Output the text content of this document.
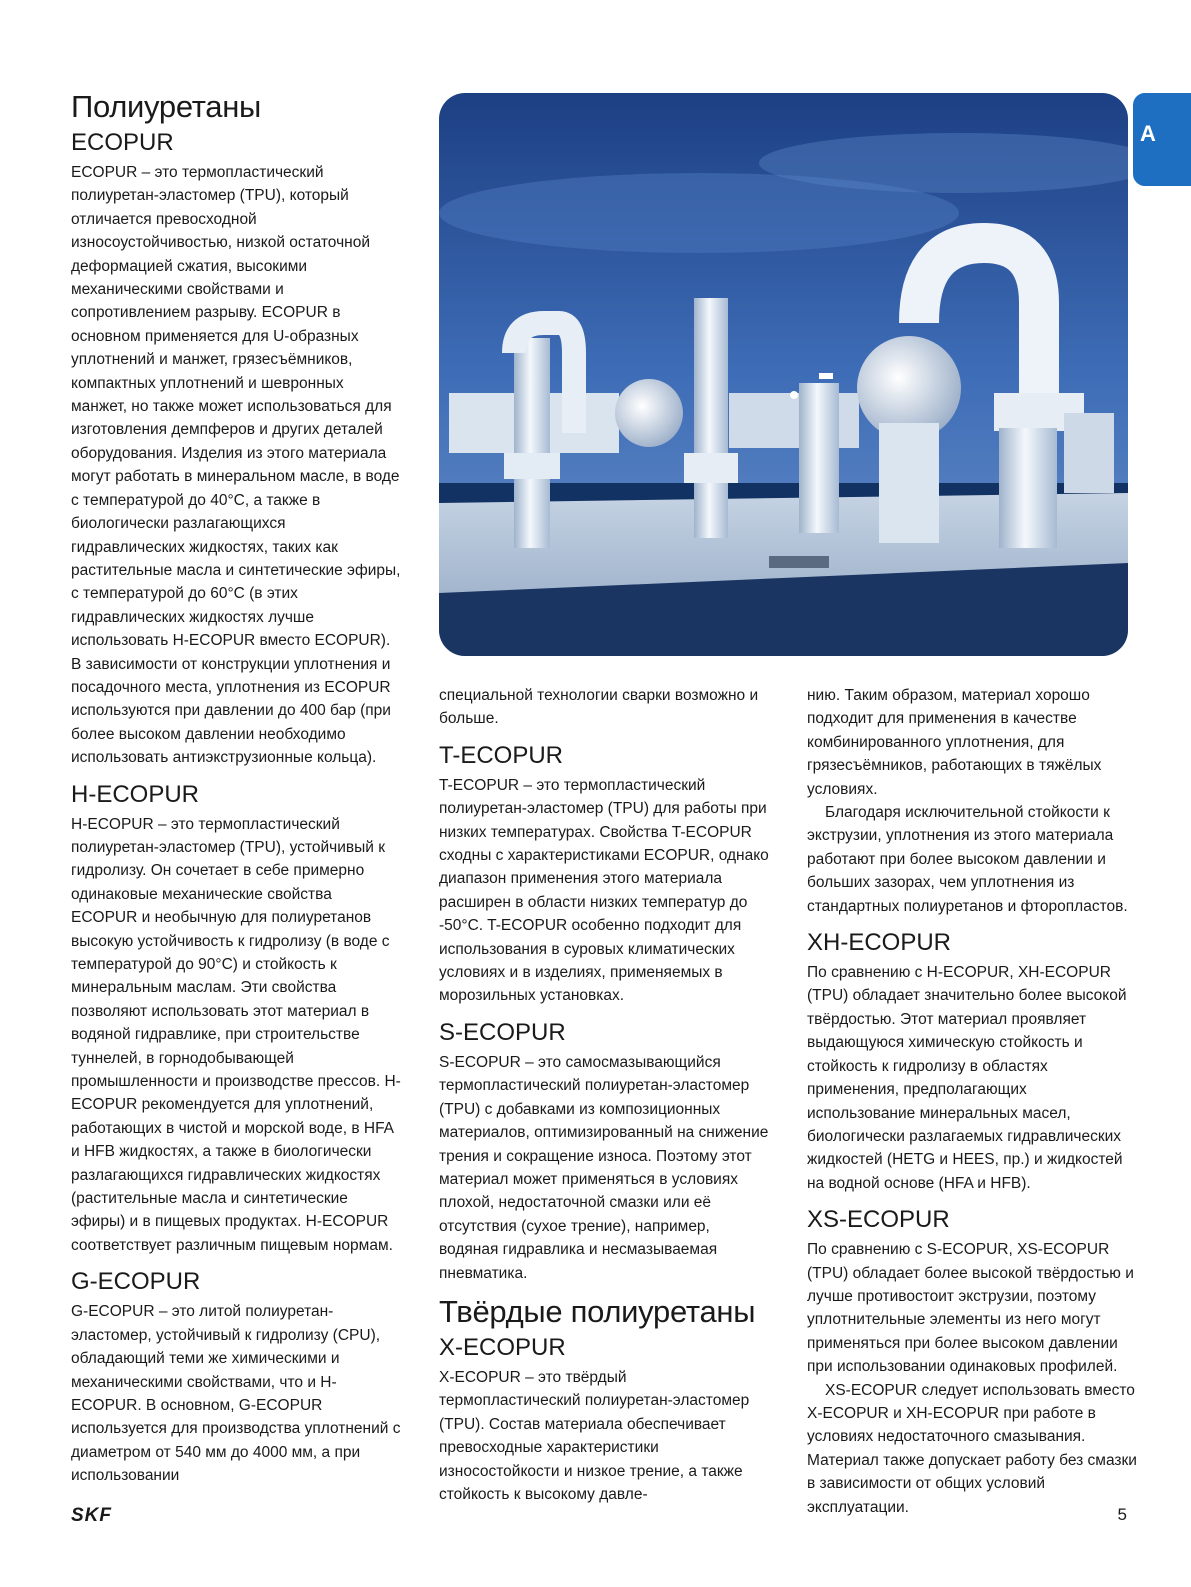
Полиуретаны
ECOPUR

ECOPUR – это термопластический полиуретан-эластомер (TPU), который отличается превосходной износоустойчивостью, низкой остаточной деформацией сжатия, высокими механическими свойствами и сопротивлением разрыву. ECOPUR в основном применяется для U-образных уплотнений и манжет, грязесъёмников, компактных уплотнений и шевронных манжет, но также может использоваться для изготовления демпферов и других деталей оборудования. Изделия из этого материала могут работать в минеральном масле, в воде с температурой до 40°C, а также в биологически разлагающихся гидравлических жидкостях, таких как растительные масла и синтетические эфиры, с температурой до 60°C (в этих гидравлических жидкостях лучше использовать H-ECOPUR вместо ECOPUR). В зависимости от конструкции уплотнения и посадочного места, уплотнения из ECOPUR используются при давлении до 400 бар (при более высоком давлении необходимо использовать антиэкструзионные кольца).

H-ECOPUR

H-ECOPUR – это термопластический полиуретан-эластомер (TPU), устойчивый к гидролизу. Он сочетает в себе примерно одинаковые механические свойства ECOPUR и необычную для полиуретанов высокую устойчивость к гидролизу (в воде с температурой до 90°C) и стойкость к минеральным маслам. Эти свойства позволяют использовать этот материал в водяной гидравлике, при строительстве туннелей, в горнодобывающей промышленности и производстве прессов. H-ECOPUR рекомендуется для уплотнений, работающих в чистой и морской воде, в HFA и HFB жидкостях, а также в биологически разлагающихся гидравлических жидкостях (растительные масла и синтетические эфиры) и в пищевых продуктах. H-ECOPUR соответствует различным пищевым нормам.

G-ECOPUR

G-ECOPUR – это литой полиуретан-эластомер, устойчивый к гидролизу (CPU), обладающий теми же химическими и механическими свойствами, что и H-ECOPUR. В основном, G-ECOPUR используется для производства уплотнений с диаметром от 540 мм до 4000 мм, а при использовании

специальной технологии сварки возможно и больше.

T-ECOPUR

T-ECOPUR – это термопластический полиуретан-эластомер (TPU) для работы при низких температурах. Свойства T-ECOPUR сходны с характеристиками ECOPUR, однако диапазон применения этого материала расширен в области низких температур до -50°C. T-ECOPUR особенно подходит для использования в суровых климатических условиях и в изделиях, применяемых в морозильных установках.

S-ECOPUR

S-ECOPUR – это самосмазывающийся термопластический полиуретан-эластомер (TPU) с добавками из композиционных материалов, оптимизированный на снижение трения и сокращение износа. Поэтому этот материал может применяться в условиях плохой, недостаточной смазки или её отсутствия (сухое трение), например, водяная гидравлика и несмазываемая пневматика.

Твёрдые полиуретаны
X-ECOPUR

X-ECOPUR – это твёрдый термопластический полиуретан-эластомер (TPU). Состав материала обеспечивает превосходные характеристики износостойкости и низкое трение, а также стойкость к высокому давле-

нию. Таким образом, материал хорошо подходит для применения в качестве комбинированного уплотнения, для грязесъёмников, работающих в тяжёлых условиях.

Благодаря исключительной стойкости к экструзии, уплотнения из этого материала работают при более высоком давлении и больших зазорах, чем уплотнения из стандартных полиуретанов и фторопластов.

XH-ECOPUR

По сравнению с H-ECOPUR, XH-ECOPUR (TPU) обладает значительно более высокой твёрдостью. Этот материал проявляет выдающуюся химическую стойкость и стойкость к гидролизу в областях применения, предполагающих использование минеральных масел, биологически разлагаемых гидравлических жидкостей (HETG и HEES, пр.) и жидкостей на водной основе (HFA и HFB).

XS-ECOPUR

По сравнению с S-ECOPUR, XS-ECOPUR (TPU) обладает более высокой твёрдостью и лучше противостоит экструзии, поэтому уплотнительные элементы из него могут применяться при более высоком давлении при использовании одинаковых профилей.

XS-ECOPUR следует использовать вместо X-ECOPUR и XH-ECOPUR при работе в условиях недостаточного смазывания. Материал также допускает работу без смазки в зависимости от общих условий эксплуатации.

A
SKF	5
